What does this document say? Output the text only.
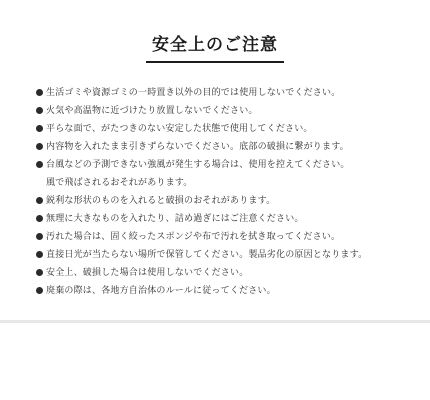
安全上のご注意
生活ゴミや資源ゴミの一時置き以外の目的では使用しないでください。
火気や高温物に近づけたり放置しないでください。
平らな面で、がたつきのない安定した状態で使用してください。
内容物を入れたまま引きずらないでください。底部の破損に繋がります。
台風などの予測できない強風が発生する場合は、使用を控えてください。
風で飛ばされるおそれがあります。
鋭利な形状のものを入れると破損のおそれがあります。
無理に大きなものを入れたり、詰め過ぎにはご注意ください。
汚れた場合は、固く絞ったスポンジや布で汚れを拭き取ってください。
直接日光が当たらない場所で保管してください。製品劣化の原因となります。
安全上、破損した場合は使用しないでください。
廃棄の際は、各地方自治体のルールに従ってください。
